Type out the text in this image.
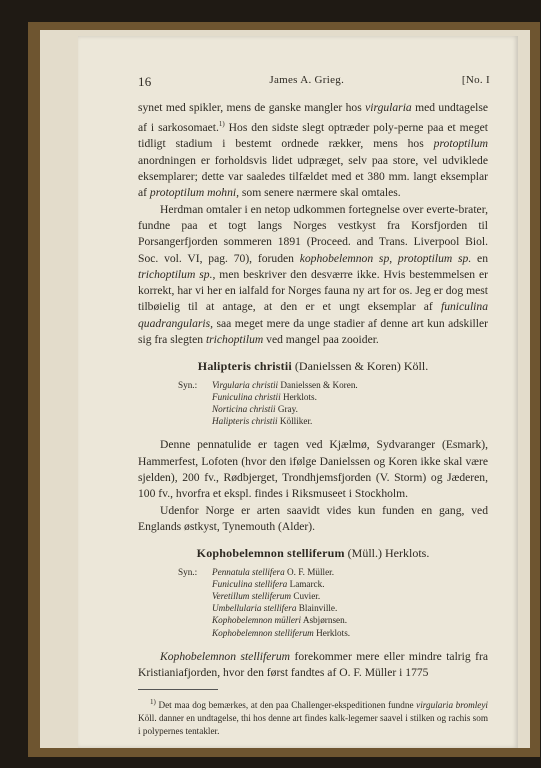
16	James A. Grieg.	[No. I

synet med spikler, mens de ganske mangler hos virgularia med undtagelse af i sarkosomaet.$^{1)}$ Hos den sidste slegt optræder poly-perne paa et meget tidligt stadium i bestemt ordnede rækker, mens hos protoptilum anordningen er forholdsvis lidet udpræget, selv paa store, vel udviklede eksemplarer; dette var saaledes tilfældet med et 380 mm. langt eksemplar af protoptilum mohni, som senere nærmere skal omtales.

Herdman omtaler i en netop udkommen fortegnelse over everte-brater, fundne paa et togt langs Norges vestkyst fra Korsfjorden til Porsangerfjorden sommeren 1891 (Proceed. and Trans. Liverpool Biol. Soc. vol. VI, pag. 70), foruden kophobelemnon sp, protoptilum sp. en trichoptilum sp., men beskriver den desværre ikke. Hvis bestemmelsen er korrekt, har vi her en ialfald for Norges fauna ny art for os. Jeg er dog mest tilbøielig til at antage, at den er et ungt eksemplar af funiculina quadrangularis, saa meget mere da unge stadier af denne art kun adskiller sig fra slegten trichoptilum ved mangel paa zooider.

Halipteris christii (Danielssen & Koren) Köll.
Syn.: Virgularia christii Danielssen & Koren.
Funiculina christii Herklots.
Norticina christii Gray.
Halipteris christii Kölliker.

Denne pennatulide er tagen ved Kjælmø, Sydvaranger (Esmark), Hammerfest, Lofoten (hvor den ifølge Danielssen og Koren ikke skal være sjelden), 200 fv., Rødbjerget, Trondhjemsfjorden (V. Storm) og Jæderen, 100 fv., hvorfra et ekspl. findes i Riksmuseet i Stockholm.

Udenfor Norge er arten saavidt vides kun funden en gang, ved Englands østkyst, Tynemouth (Alder).

Kophobelemnon stelliferum (Müll.) Herklots.
Syn.: Pennatula stellifera O. F. Müller.
Funiculina stellifera Lamarck.
Veretillum stelliferum Cuvier.
Umbellularia stellifera Blainville.
Kophobelemnon mülleri Asbjørnsen.
Kophobelemnon stelliferum Herklots.

Kophobelemnon stelliferum forekommer mere eller mindre talrig fra Kristianiafjorden, hvor den først fandtes af O. F. Müller i 1775

$^{1)}$ Det maa dog bemærkes, at den paa Challenger-ekspeditionen fundne virgularia bromleyi Köll. danner en undtagelse, thi hos denne art findes kalk-legemer saavel i stilken og rachis som i polypernes tentakler.
